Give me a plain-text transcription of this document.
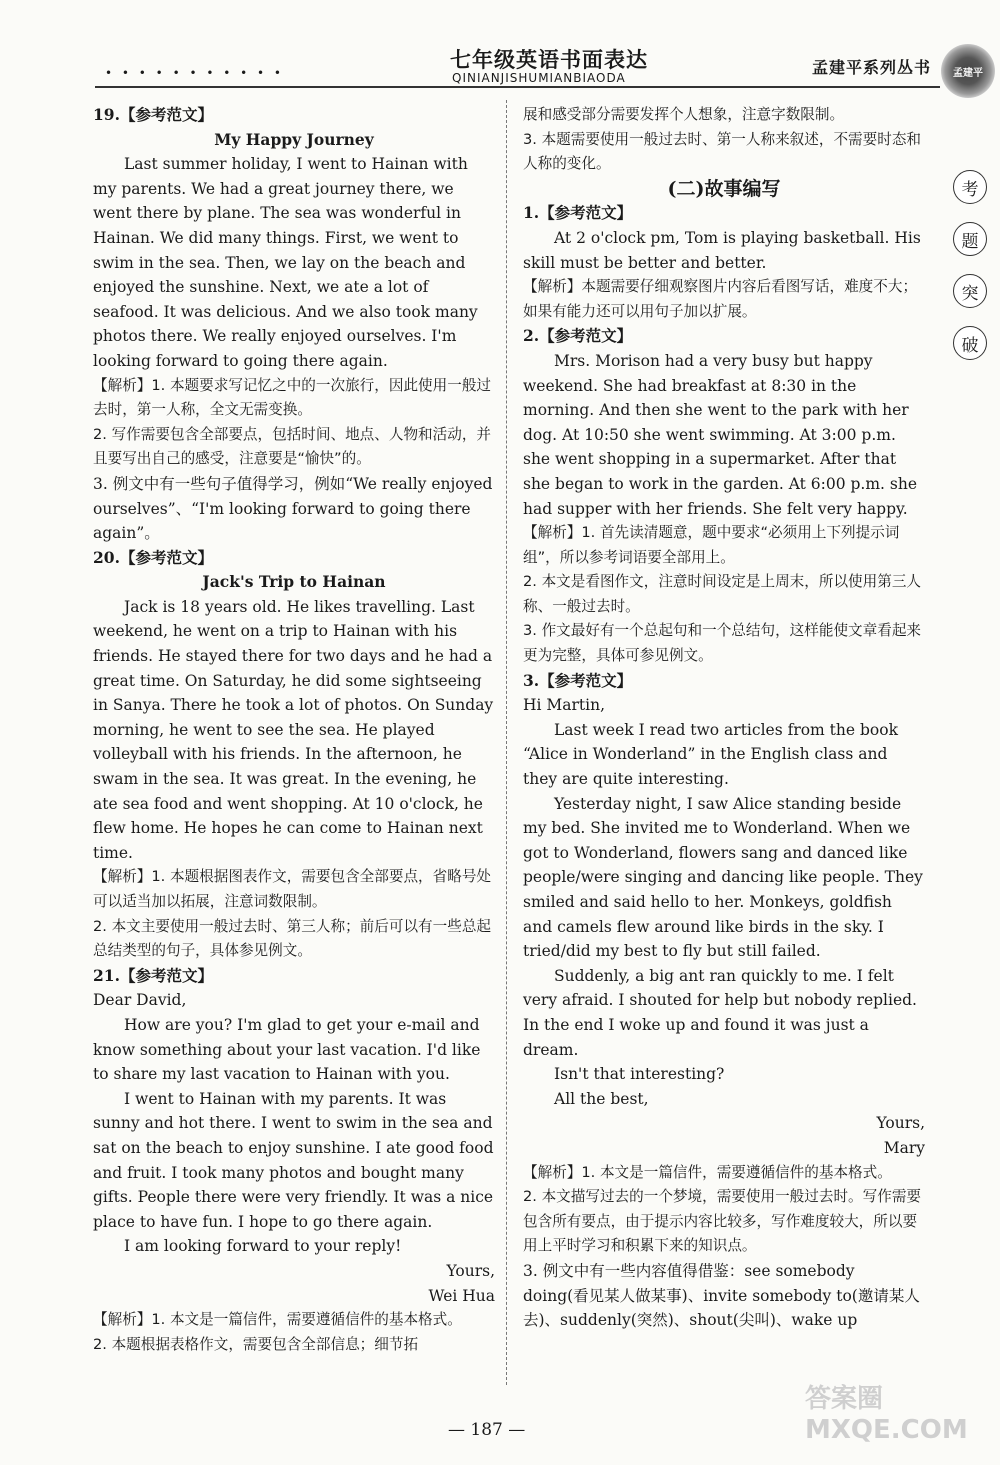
• • • • • • • • • • •
七年级英语书面表达
QINIANJISHUMIANBIAODA
孟建平系列丛书	孟建平
考
题
突
破

19.【参考范文】

My Happy Journey

Last summer holiday, I went to Hainan with my parents. We had a great journey there, we went there by plane. The sea was wonderful in Hainan. We did many things. First, we went to swim in the sea. Then, we lay on the beach and enjoyed the sunshine. Next, we ate a lot of seafood. It was delicious. And we also took many photos there. We really enjoyed ourselves. I'm looking forward to going there again.

【解析】1. 本题要求写记忆之中的一次旅行，因此使用一般过去时，第一人称，全文无需变换。

2. 写作需要包含全部要点，包括时间、地点、人物和活动，并且要写出自己的感受，注意要是“愉快”的。

3. 例文中有一些句子值得学习，例如“We really enjoyed ourselves”、“I'm looking forward to going there again”。

20.【参考范文】

Jack's Trip to Hainan

Jack is 18 years old. He likes travelling. Last weekend, he went on a trip to Hainan with his friends. He stayed there for two days and he had a great time. On Saturday, he did some sightseeing in Sanya. There he took a lot of photos. On Sunday morning, he went to see the sea. He played volleyball with his friends. In the afternoon, he swam in the sea. It was great. In the evening, he ate sea food and went shopping. At 10 o'clock, he flew home. He hopes he can come to Hainan next time.

【解析】1. 本题根据图表作文，需要包含全部要点，省略号处可以适当加以拓展，注意词数限制。

2. 本文主要使用一般过去时、第三人称；前后可以有一些总起总结类型的句子，具体参见例文。

21.【参考范文】

Dear David,

How are you? I'm glad to get your e-mail and know something about your last vacation. I'd like to share my last vacation to Hainan with you.

I went to Hainan with my parents. It was sunny and hot there. I went to swim in the sea and sat on the beach to enjoy sunshine. I ate good food and fruit. I took many photos and bought many gifts. People there were very friendly. It was a nice place to have fun. I hope to go there again.

I am looking forward to your reply!

Yours,

Wei Hua

【解析】1. 本文是一篇信件，需要遵循信件的基本格式。

2. 本题根据表格作文，需要包含全部信息；细节拓

展和感受部分需要发挥个人想象，注意字数限制。

3. 本题需要使用一般过去时、第一人称来叙述，不需要时态和人称的变化。

(二)故事编写

1.【参考范文】

At 2 o'clock pm, Tom is playing basketball. His skill must be better and better.

【解析】本题需要仔细观察图片内容后看图写话，难度不大；如果有能力还可以用句子加以扩展。

2.【参考范文】

Mrs. Morison had a very busy but happy weekend. She had breakfast at 8:30 in the morning. And then she went to the park with her dog. At 10:50 she went swimming. At 3:00 p.m. she went shopping in a supermarket. After that she began to work in the garden. At 6:00 p.m. she had supper with her friends. She felt very happy.

【解析】1. 首先读清题意，题中要求“必须用上下列提示词组”，所以参考词语要全部用上。

2. 本文是看图作文，注意时间设定是上周末，所以使用第三人称、一般过去时。

3. 作文最好有一个总起句和一个总结句，这样能使文章看起来更为完整，具体可参见例文。

3.【参考范文】

Hi Martin,

Last week I read two articles from the book “Alice in Wonderland” in the English class and they are quite interesting.

Yesterday night, I saw Alice standing beside my bed. She invited me to Wonderland. When we got to Wonderland, flowers sang and danced like people/were singing and dancing like people. They smiled and said hello to her. Monkeys, goldfish and camels flew around like birds in the sky. I tried/did my best to fly but still failed.

Suddenly, a big ant ran quickly to me. I felt very afraid. I shouted for help but nobody replied. In the end I woke up and found it was just a dream.

Isn't that interesting?

All the best,

Yours,

Mary

【解析】1. 本文是一篇信件，需要遵循信件的基本格式。

2. 本文描写过去的一个梦境，需要使用一般过去时。写作需要包含所有要点，由于提示内容比较多，写作难度较大，所以要用上平时学习和积累下来的知识点。

3. 例文中有一些内容值得借鉴：see somebody doing(看见某人做某事)、invite somebody to(邀请某人去)、suddenly(突然)、shout(尖叫)、wake up

— 187 —
答案圈 MXQE.COM
